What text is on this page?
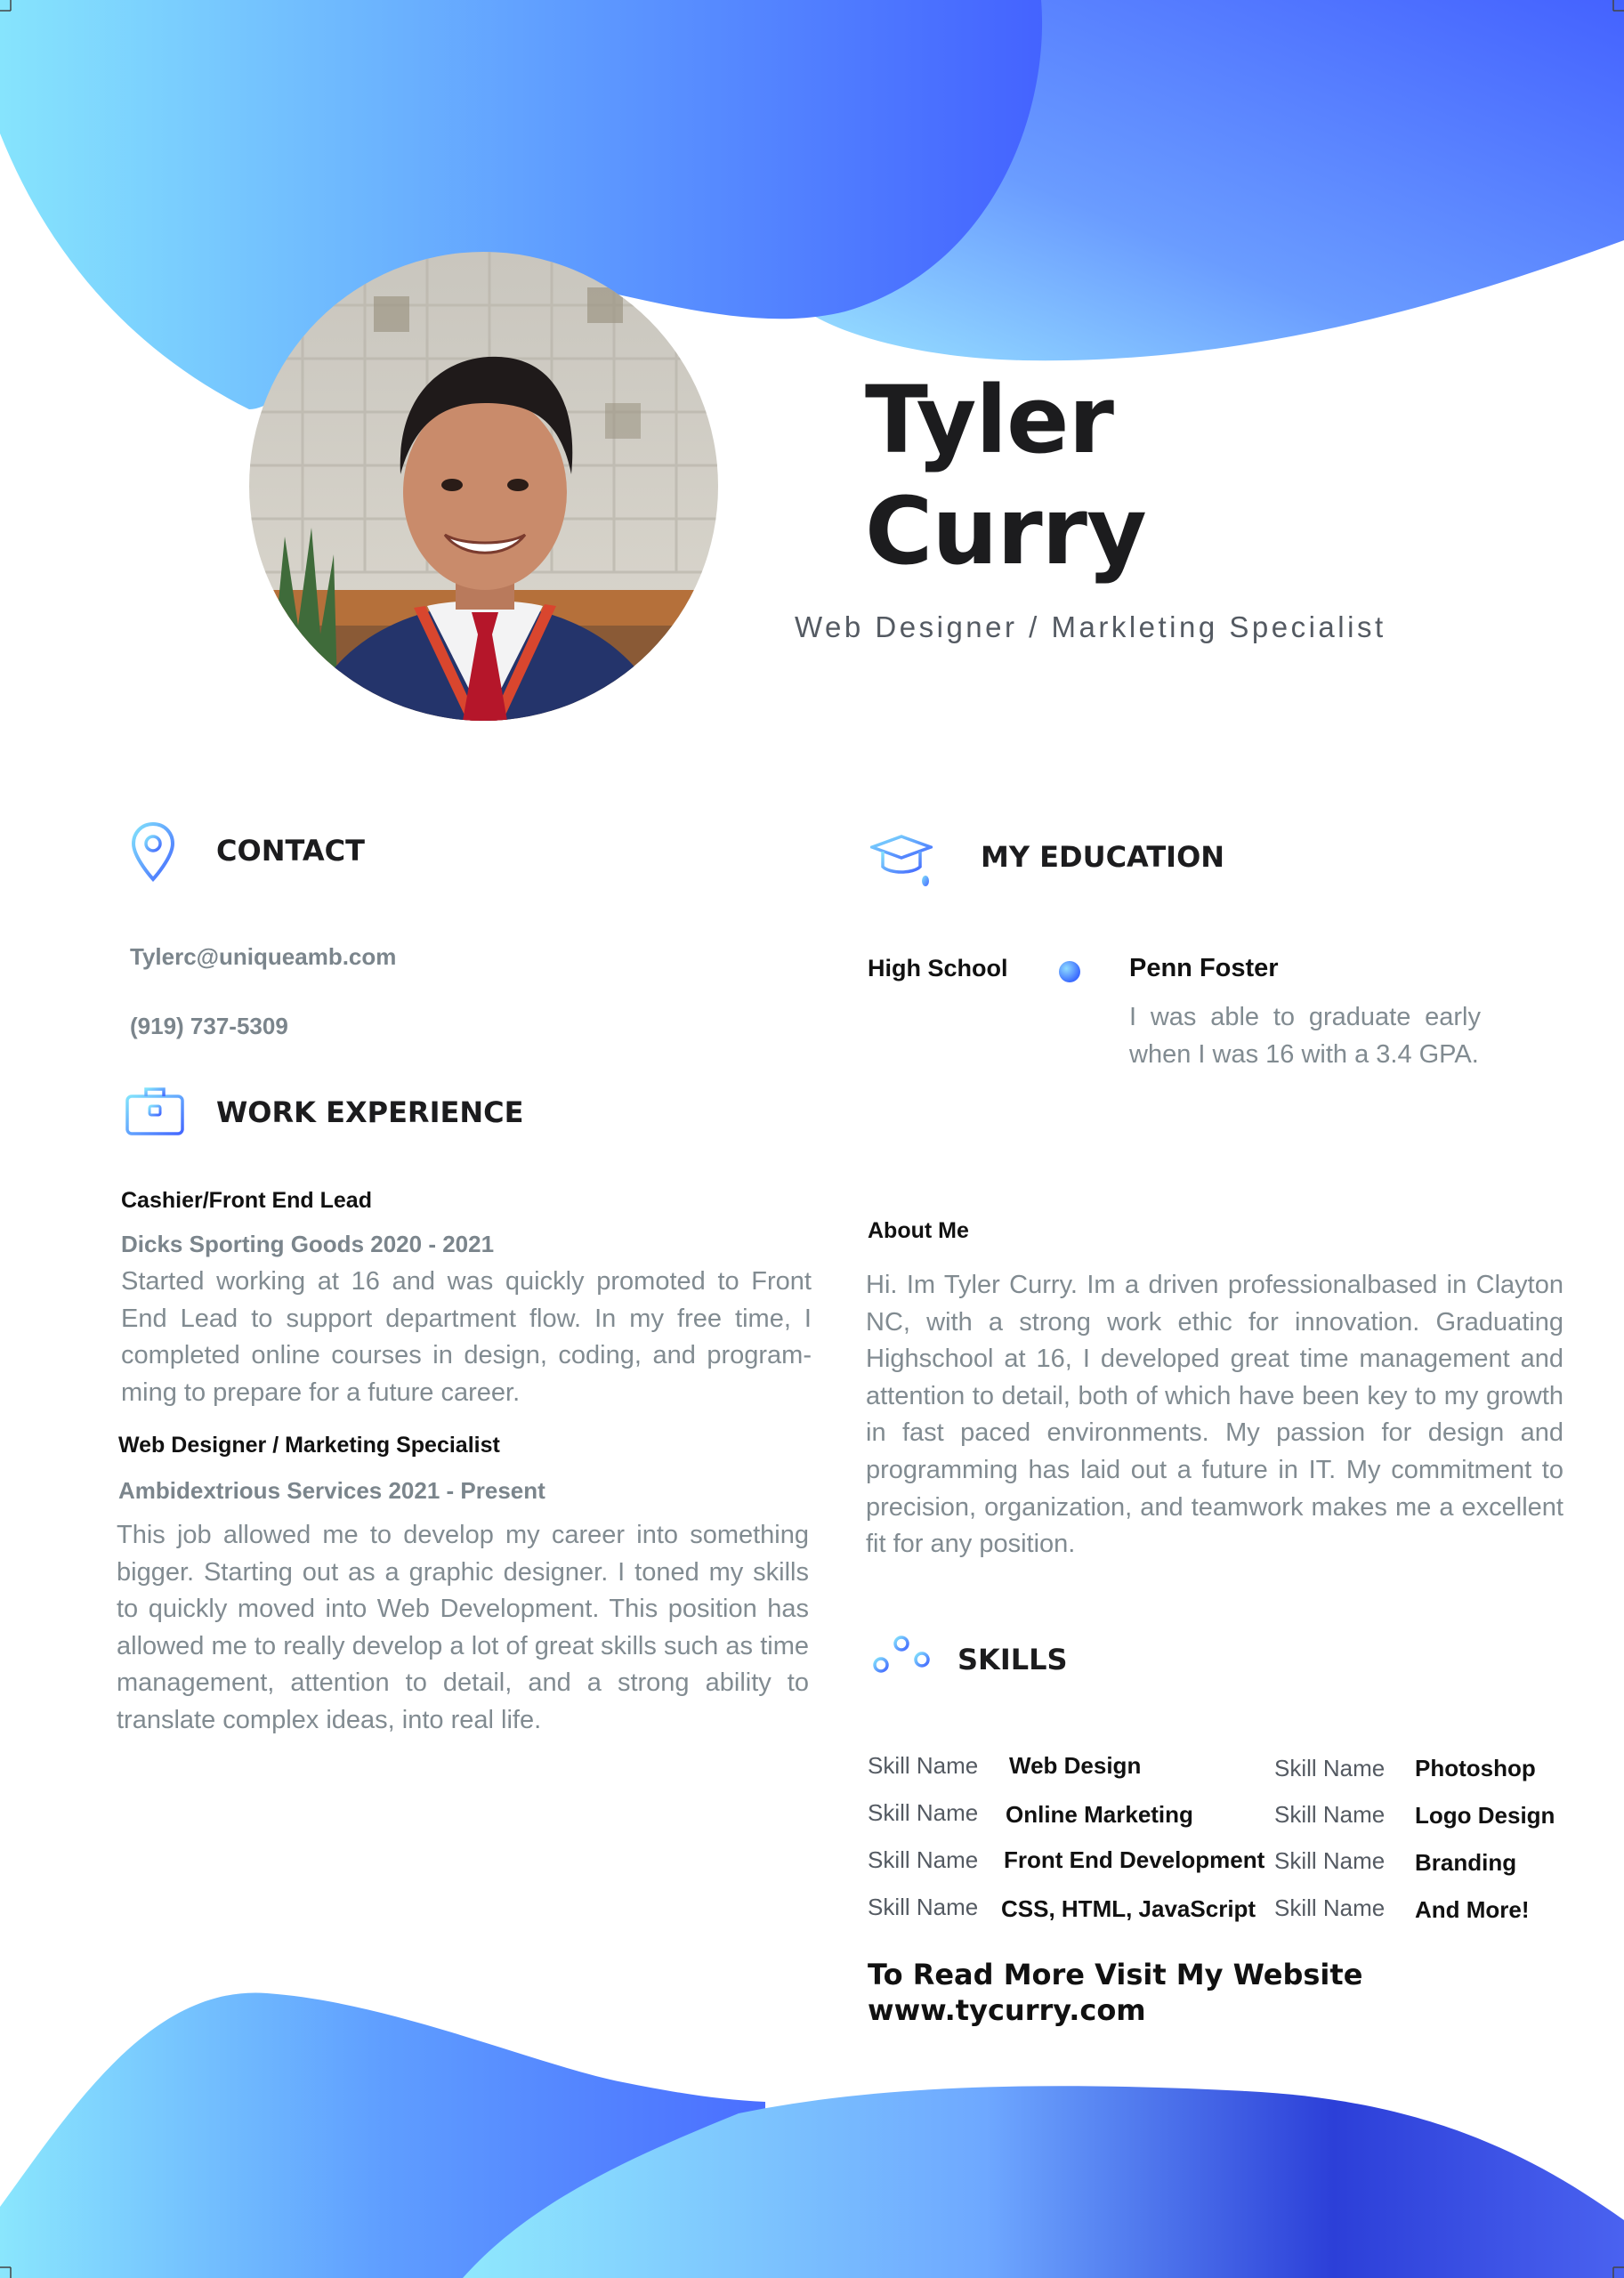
Tyler
Curry
Web Designer / Markleting Specialist
CONTACT
Tylerc@uniqueamb.com
(919) 737-5309
WORK EXPERIENCE
Cashier/Front End Lead
Dicks Sporting Goods 2020 - 2021
Started working at 16 and was quickly promoted to Front End Lead to support department flow. In my free time, I completed online courses in design, coding, and program-ming to prepare for a future career.
Web Designer / Marketing Specialist
Ambidextrious Services 2021 - Present
This job allowed me to develop my career into something bigger. Starting out as a graphic designer. I toned my skills to quickly moved into Web Development. This position has allowed me to really develop a lot of great skills such as time management, attention to detail, and a strong ability to translate complex ideas, into real life.
MY EDUCATION
High School	Penn Foster
I was able to graduate early when I was 16 with a 3.4 GPA.
About Me
Hi. Im Tyler Curry. Im a driven professionalbased in Clayton NC, with a strong work ethic for innovation. Graduating Highschool at 16, I developed great time management and attention to detail, both of which have been key to my growth in fast paced environments. My passion for design and programming has laid out a future in IT. My commitment to precision, organization, and teamwork makes me a excellent fit for any position.
SKILLS
Skill Name Web Design	Skill Name Photoshop
Skill Name Online Marketing	Skill Name Logo Design
Skill Name Front End Development Skill Name Branding
Skill Name CSS, HTML, JavaScript Skill Name And More!
To Read More Visit My Website
www.tycurry.com
